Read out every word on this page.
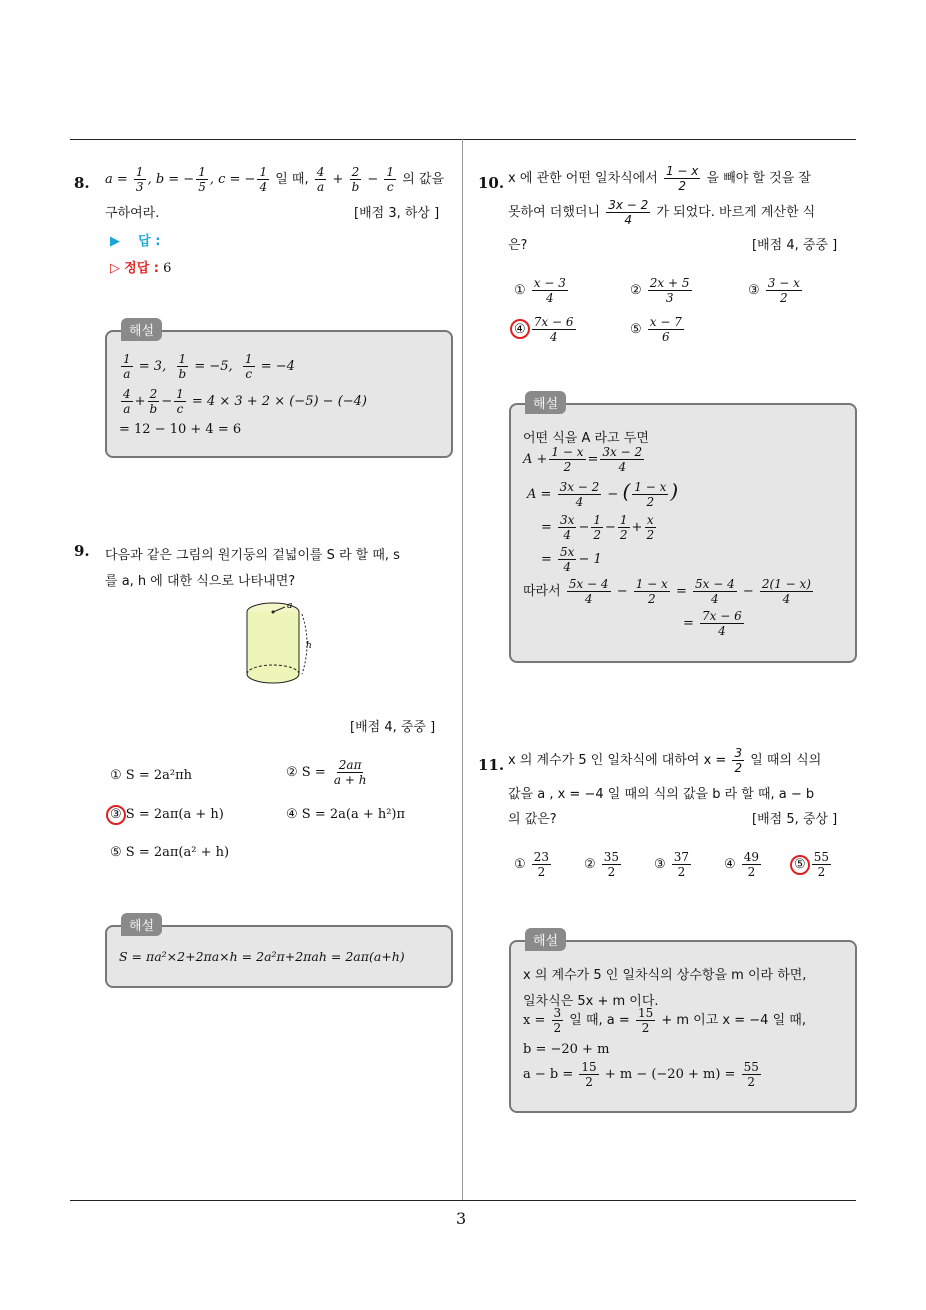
3
8. $a = \frac{1}{3}$ , b = − $\frac{1}{5}$ , c = − $\frac{1}{4}$ 일 때, $\frac{4}{a} + \frac{2}{b} - \frac{1}{c}$ 의 값을
구하여라.	[배점 3, 하상 ]
▶ 답 :
▷ 정답 : 6
해설
$\frac{1}{a} = 3$, $\frac{1}{b} = -5$, $\frac{1}{c} = -4$
$\frac{4}{a} + \frac{2}{b} - \frac{1}{c} = 4 \times 3 + 2 \times (-5) - (-4)$
= 12 − 10 + 4 = 6
9. 다음과 같은 그림의 원기둥의 겉넓이를 S 라 할 때, s
를 a, h 에 대한 식으로 나타내면?
a
h
[배점 4, 중중 ]
① S = 2a²πh	② $S = \frac{2a\pi}{a + h}$
③ S = 2aπ(a + h)	④ S = 2a(a + h²)π
⑤ S = 2aπ(a² + h)
해설
S = πa²×2+2πa×h = 2a²π+2πah = 2aπ(a+h)
10. x 에 관한 어떤 일차식에서 $\frac{1 - x}{2}$ 을 빼야 할 것을 잘
못하여 더했더니 $\frac{3x - 2}{4}$ 가 되었다. 바르게 계산한 식
은?	[배점 4, 중중 ]
① $\frac{x - 3}{4}$	② $\frac{2x + 5}{3}$	③ $\frac{3 - x}{2}$
④ $\frac{7x - 6}{4}$	⑤ $\frac{x - 7}{6}$
해설
어떤 식을 A 라고 두면
$A + \frac{1 - x}{2} = \frac{3x - 2}{4}$
$A = \frac{3x - 2}{4}$ − ( $\frac{1 - x}{2}$ )
= $\frac{3x}{4} - \frac{1}{2} - \frac{1}{2} + \frac{x}{2}$
= $\frac{5x}{4} - 1$
따라서 $\frac{5x - 4}{4} - \frac{1 - x}{2} = \frac{5x - 4}{4} - \frac{2(1 - x)}{4}$
= $\frac{7x - 6}{4}$
11. x 의 계수가 5 인 일차식에 대하여 $x = \frac{3}{2}$ 일 때의 식의
값을 a , x = −4 일 때의 식의 값을 b 라 할 때, a − b
의 값은?	[배점 5, 중상 ]
① $\frac{23}{2}$	② $\frac{35}{2}$	③ $\frac{37}{2}$	④ $\frac{49}{2}$	⑤ $\frac{55}{2}$
해설
x 의 계수가 5 인 일차식의 상수항을 m 이라 하면,
일차식은 5x + m 이다.
$x = \frac{3}{2}$ 일 때, $a = \frac{15}{2} + m$ 이고 x = −4 일 때,
b = −20 + m
$a - b = \frac{15}{2} + m - (-20 + m) = \frac{55}{2}$
